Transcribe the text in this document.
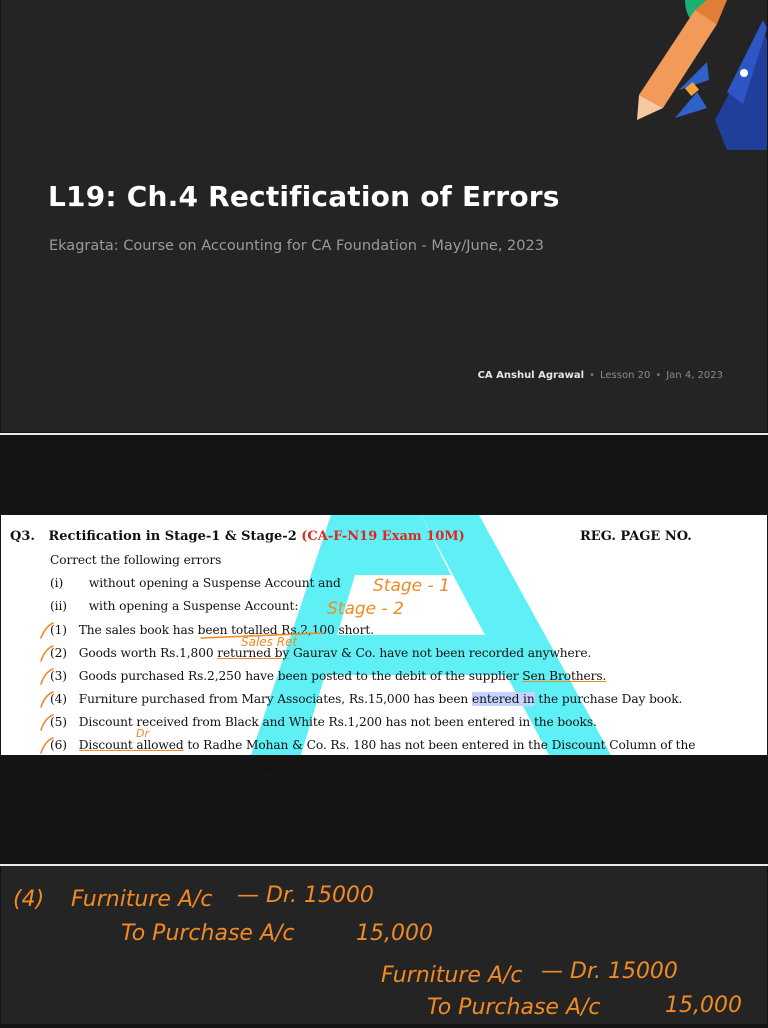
L19: Ch.4 Rectification of Errors
Ekagrata: Course on Accounting for CA Foundation - May/June, 2023
CA Anshul Agrawal • Lesson 20 • Jan 4, 2023
Q3. Rectification in Stage-1 & Stage-2 (CA-F-N19 Exam 10M)	REG. PAGE NO.
Correct the following errors
(i) without opening a Suspense Account and
(ii) with opening a Suspense Account:
(1) The sales book has been totalled Rs.2,100 short.
(2) Goods worth Rs.1,800 returned by Gaurav & Co. have not been recorded anywhere.
(3) Goods purchased Rs.2,250 have been posted to the debit of the supplier Sen Brothers.
(4) Furniture purchased from Mary Associates, Rs.15,000 has been entered in the purchase Day book.
(5) Discount received from Black and White Rs.1,200 has not been entered in the books.
(6) Discount allowed to Radhe Mohan & Co. Rs. 180 has not been entered in the Discount Column of the
Cash book. The account of Radhe Mohan & Co. has, however, been correctly posted.
Stage - 1
Stage - 2
Sales Ret
Dr
(4) Furniture A/c — Dr. 15000
To Purchase A/c	15,000
Furniture A/c — Dr. 15000
To Purchase A/c	15,000
